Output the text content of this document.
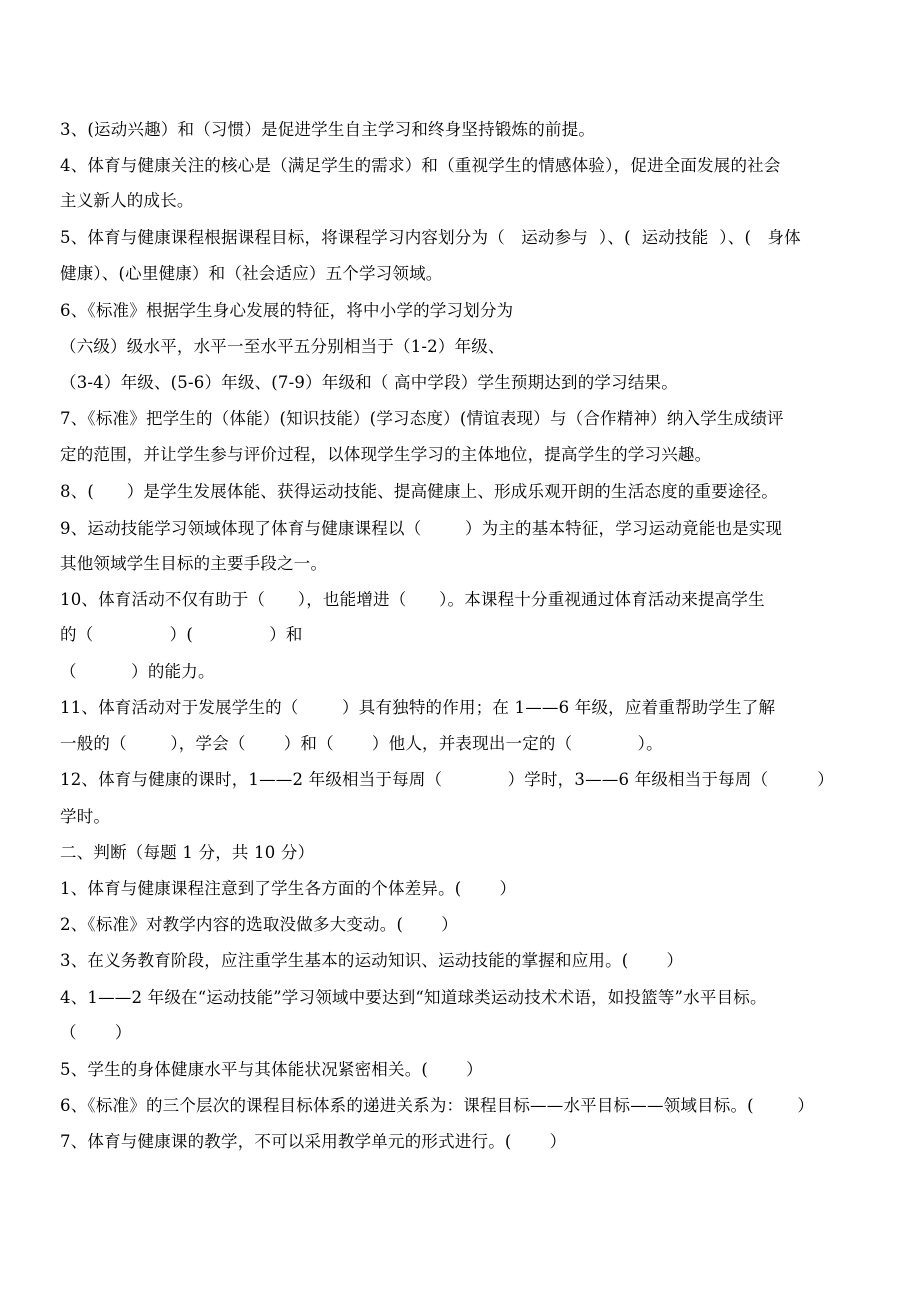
3、(运动兴趣）和（习惯）是促进学生自主学习和终身坚持锻炼的前提。
4、体育与健康关注的核心是（满足学生的需求）和（重视学生的情感体验），促进全面发展的社会
主义新人的成长。
5、体育与健康课程根据课程目标，将课程学习内容划分为（   运动参与  ）、(  运动技能  ）、(   身体
健康）、(心里健康）和（社会适应）五个学习领域。
6、《标准》根据学生身心发展的特征，将中小学的学习划分为
（六级）级水平，水平一至水平五分别相当于（1-2）年级、
（3-4）年级、(5-6）年级、(7-9）年级和（ 高中学段）学生预期达到的学习结果。
7、《标准》把学生的（体能）(知识技能）(学习态度）(情谊表现）与（合作精神）纳入学生成绩评
定的范围，并让学生参与评价过程，以体现学生学习的主体地位，提高学生的学习兴趣。
8、(      ）是学生发展体能、获得运动技能、提高健康上、形成乐观开朗的生活态度的重要途径。
9、运动技能学习领域体现了体育与健康课程以（        ）为主的基本特征，学习运动竟能也是实现
其他领域学生目标的主要手段之一。
10、体育活动不仅有助于（      ），也能增进（      ）。本课程十分重视通过体育活动来提高学生
的（              ）(              ）和
（          ）的能力。
11、体育活动对于发展学生的（        ）具有独特的作用；在 1——6 年级，应着重帮助学生了解
一般的（        ），学会（       ）和（       ）他人，并表现出一定的（            ）。
12、体育与健康的课时，1——2 年级相当于每周（            ）学时，3——6 年级相当于每周（         ）
学时。
二、判断（每题 1 分，共 10 分）
1、体育与健康课程注意到了学生各方面的个体差异。(       ）
2、《标准》对教学内容的选取没做多大变动。(       ）
3、在义务教育阶段，应注重学生基本的运动知识、运动技能的掌握和应用。(       ）
4、1——2 年级在“运动技能”学习领域中要达到“知道球类运动技术术语，如投篮等”水平目标。
（       ）
5、学生的身体健康水平与其体能状况紧密相关。(       ）
6、《标准》的三个层次的课程目标体系的递进关系为：课程目标——水平目标——领域目标。(        ）
7、体育与健康课的教学，不可以采用教学单元的形式进行。(       ）
